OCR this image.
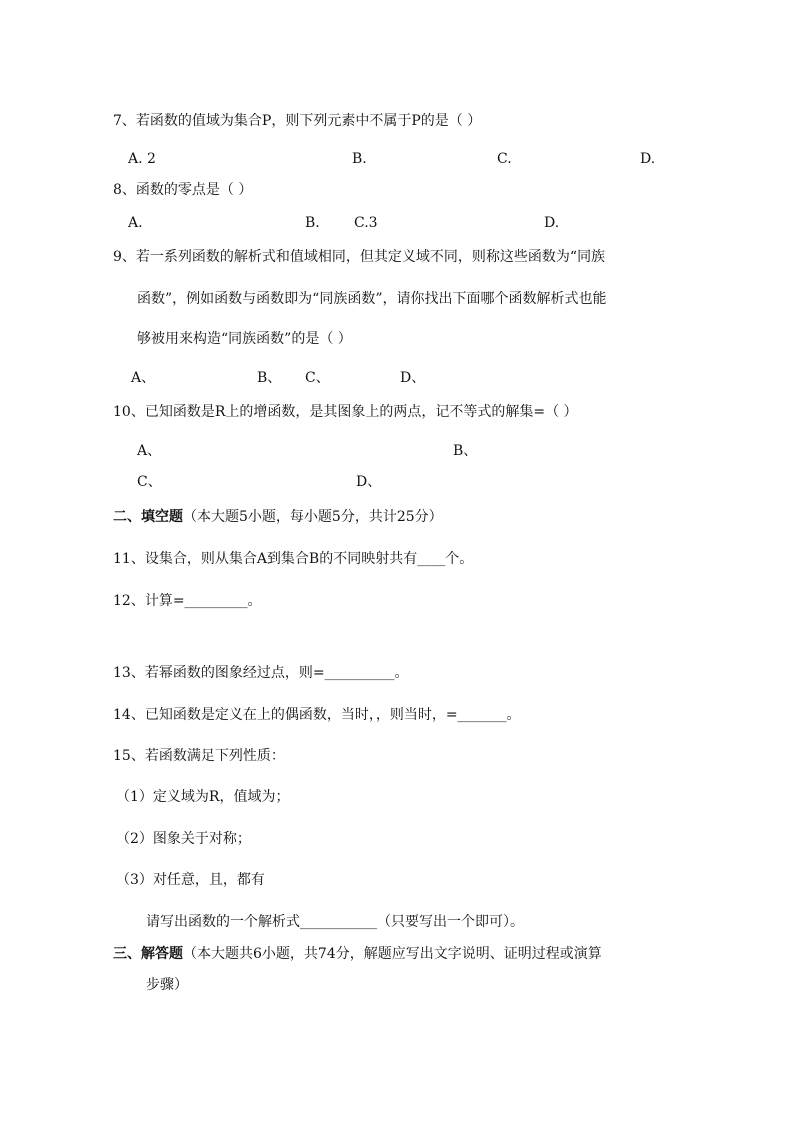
7、若函数的值域为集合P，则下列元素中不属于P的是（ ）
A. 2	B.	C.	D.
8、函数的零点是（ ）
A.	B. C.3	D.
9、若一系列函数的解析式和值域相同，但其定义域不同，则称这些函数为“同族
函数”，例如函数与函数即为“同族函数”，请你找出下面哪个函数解析式也能
够被用来构造“同族函数”的是（ ）
A、	B、 C、	D、
10、已知函数是R上的增函数，是其图象上的两点，记不等式的解集=（ ）
A、	B、
C、	D、
二、填空题（本大题5小题，每小题5分，共计25分）
11、设集合，则从集合A到集合B的不同映射共有____个。
12、计算=_________。
13、若幂函数的图象经过点，则=__________。
14、已知函数是定义在上的偶函数，当时，，则当时，=_______。
15、若函数满足下列性质：
（1）定义域为R，值域为；
（2）图象关于对称；
（3）对任意，且，都有
请写出函数的一个解析式___________（只要写出一个即可）。
三、解答题（本大题共6小题，共74分，解题应写出文字说明、证明过程或演算
步骤）
